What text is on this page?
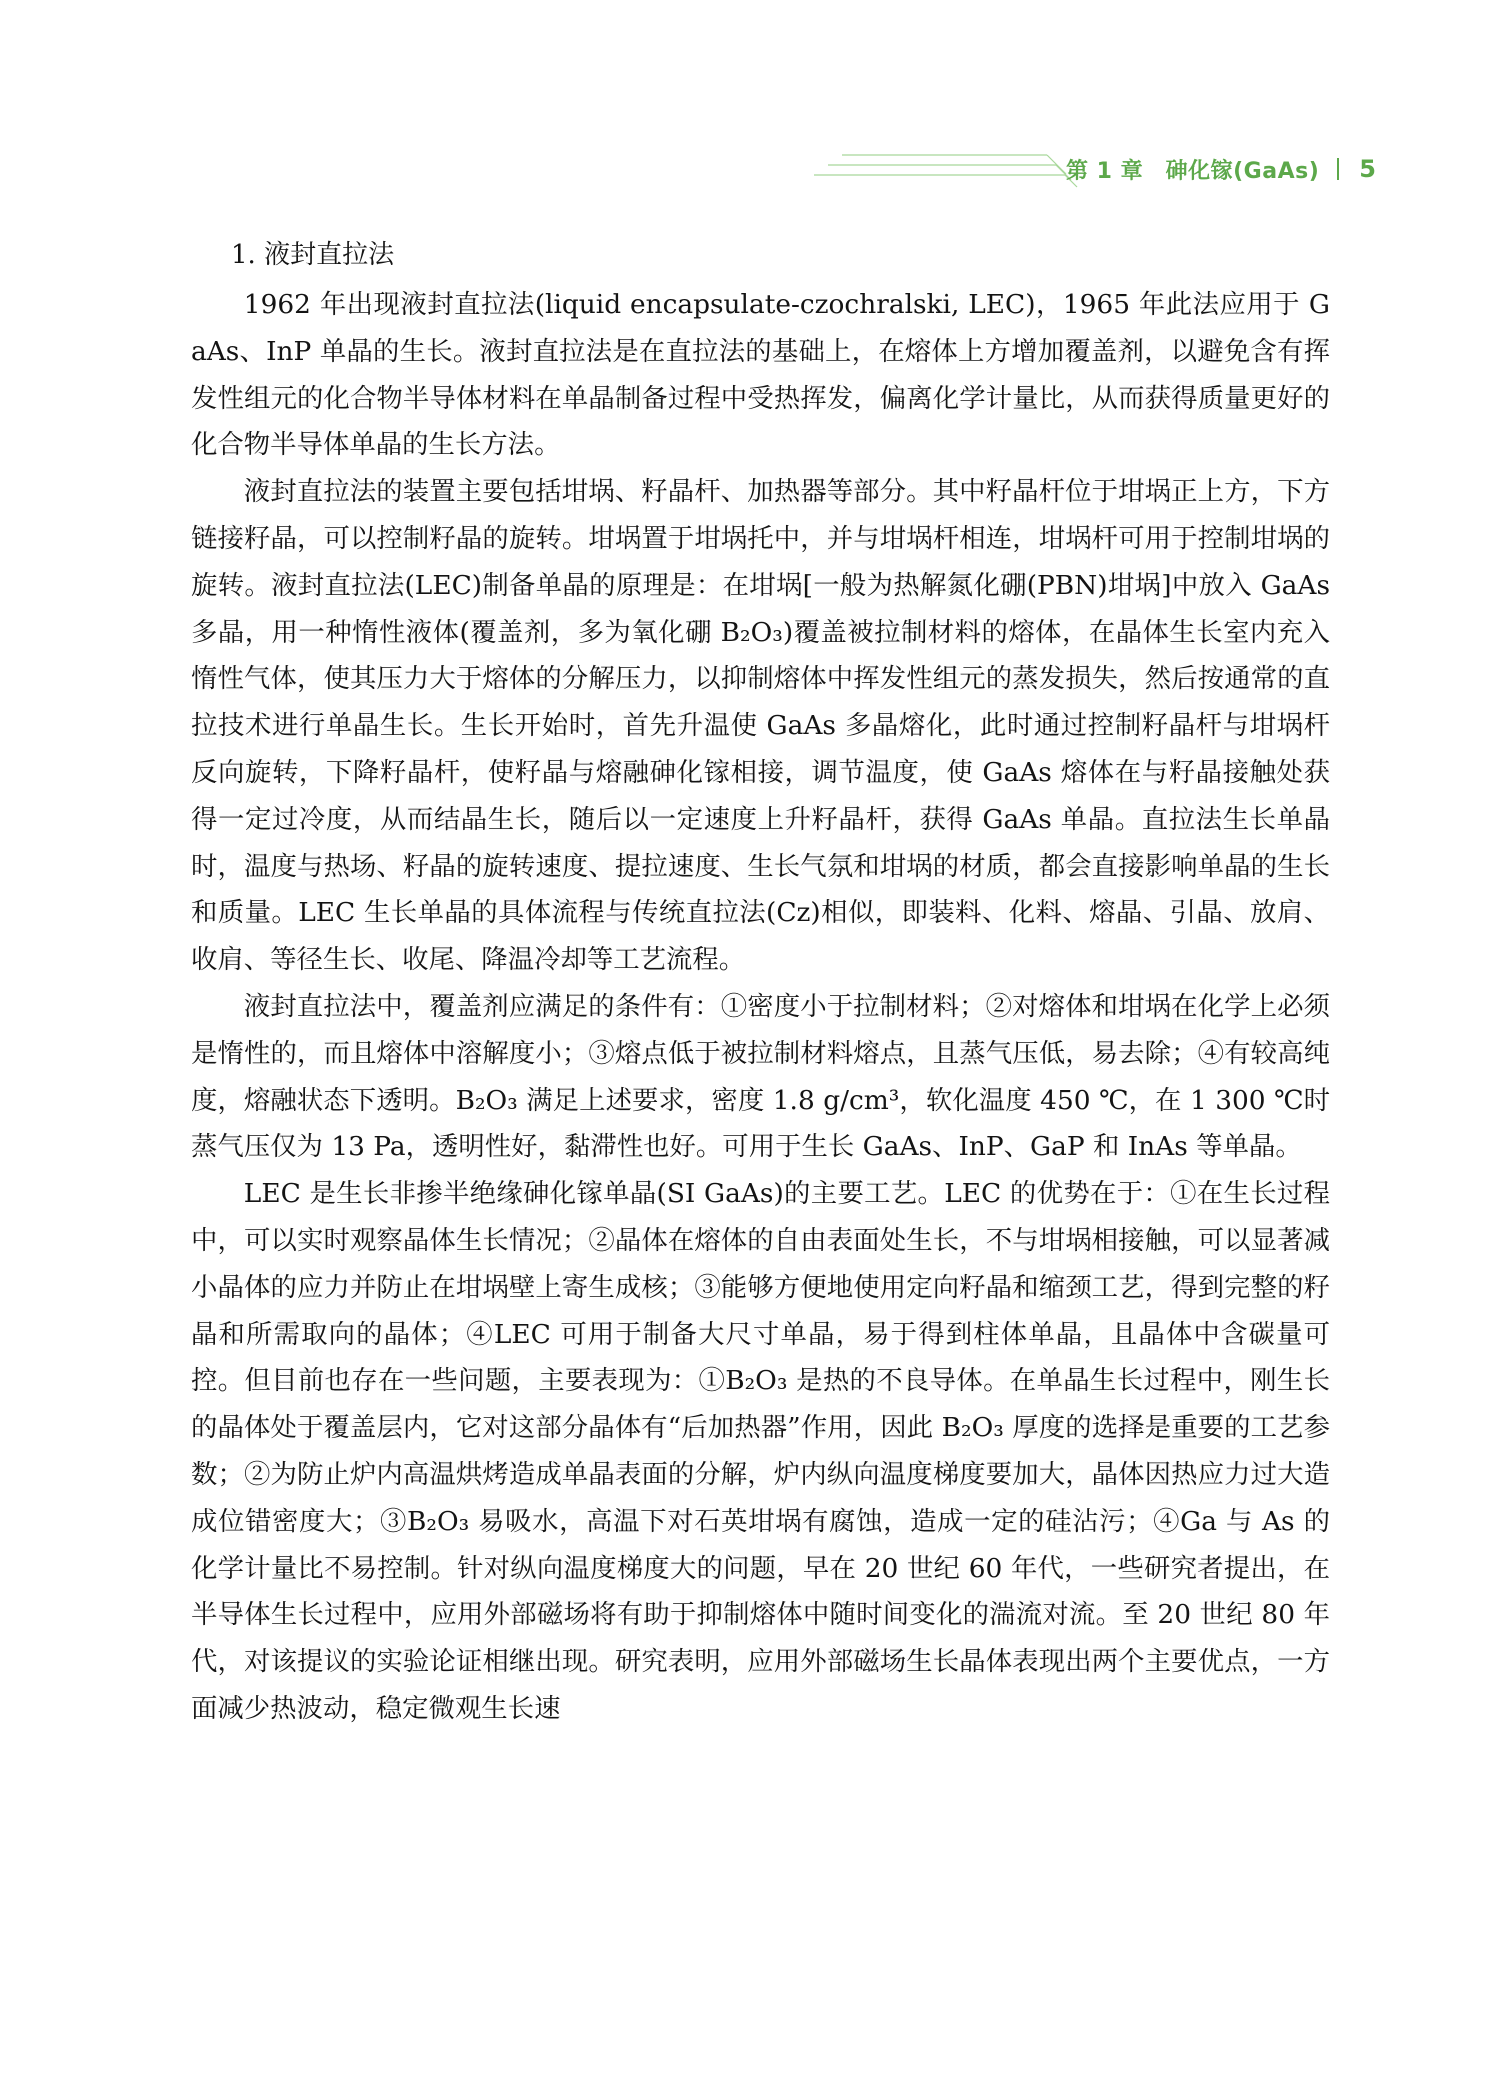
第 1 章　砷化镓(GaAs) 5
1. 液封直拉法

1962 年出现液封直拉法(liquid encapsulate-czochralski, LEC)，1965 年此法应用于 GaAs、InP 单晶的生长。液封直拉法是在直拉法的基础上，在熔体上方增加覆盖剂，以避免含有挥发性组元的化合物半导体材料在单晶制备过程中受热挥发，偏离化学计量比，从而获得质量更好的化合物半导体单晶的生长方法。

液封直拉法的装置主要包括坩埚、籽晶杆、加热器等部分。其中籽晶杆位于坩埚正上方，下方链接籽晶，可以控制籽晶的旋转。坩埚置于坩埚托中，并与坩埚杆相连，坩埚杆可用于控制坩埚的旋转。液封直拉法(LEC)制备单晶的原理是：在坩埚[一般为热解氮化硼(PBN)坩埚]中放入 GaAs 多晶，用一种惰性液体(覆盖剂，多为氧化硼 B₂O₃)覆盖被拉制材料的熔体，在晶体生长室内充入惰性气体，使其压力大于熔体的分解压力，以抑制熔体中挥发性组元的蒸发损失，然后按通常的直拉技术进行单晶生长。生长开始时，首先升温使 GaAs 多晶熔化，此时通过控制籽晶杆与坩埚杆反向旋转，下降籽晶杆，使籽晶与熔融砷化镓相接，调节温度，使 GaAs 熔体在与籽晶接触处获得一定过冷度，从而结晶生长，随后以一定速度上升籽晶杆，获得 GaAs 单晶。直拉法生长单晶时，温度与热场、籽晶的旋转速度、提拉速度、生长气氛和坩埚的材质，都会直接影响单晶的生长和质量。LEC 生长单晶的具体流程与传统直拉法(Cz)相似，即装料、化料、熔晶、引晶、放肩、收肩、等径生长、收尾、降温冷却等工艺流程。

液封直拉法中，覆盖剂应满足的条件有：①密度小于拉制材料；②对熔体和坩埚在化学上必须是惰性的，而且熔体中溶解度小；③熔点低于被拉制材料熔点，且蒸气压低，易去除；④有较高纯度，熔融状态下透明。B₂O₃ 满足上述要求，密度 1.8 g/cm³，软化温度 450 ℃，在 1 300 ℃时蒸气压仅为 13 Pa，透明性好，黏滞性也好。可用于生长 GaAs、InP、GaP 和 InAs 等单晶。

LEC 是生长非掺半绝缘砷化镓单晶(SI GaAs)的主要工艺。LEC 的优势在于：①在生长过程中，可以实时观察晶体生长情况；②晶体在熔体的自由表面处生长，不与坩埚相接触，可以显著减小晶体的应力并防止在坩埚壁上寄生成核；③能够方便地使用定向籽晶和缩颈工艺，得到完整的籽晶和所需取向的晶体；④LEC 可用于制备大尺寸单晶，易于得到柱体单晶，且晶体中含碳量可控。但目前也存在一些问题，主要表现为：①B₂O₃ 是热的不良导体。在单晶生长过程中，刚生长的晶体处于覆盖层内，它对这部分晶体有“后加热器”作用，因此 B₂O₃ 厚度的选择是重要的工艺参数；②为防止炉内高温烘烤造成单晶表面的分解，炉内纵向温度梯度要加大，晶体因热应力过大造成位错密度大；③B₂O₃ 易吸水，高温下对石英坩埚有腐蚀，造成一定的硅沾污；④Ga 与 As 的化学计量比不易控制。针对纵向温度梯度大的问题，早在 20 世纪 60 年代，一些研究者提出，在半导体生长过程中，应用外部磁场将有助于抑制熔体中随时间变化的湍流对流。至 20 世纪 80 年代，对该提议的实验论证相继出现。研究表明，应用外部磁场生长晶体表现出两个主要优点，一方面减少热波动，稳定微观生长速
